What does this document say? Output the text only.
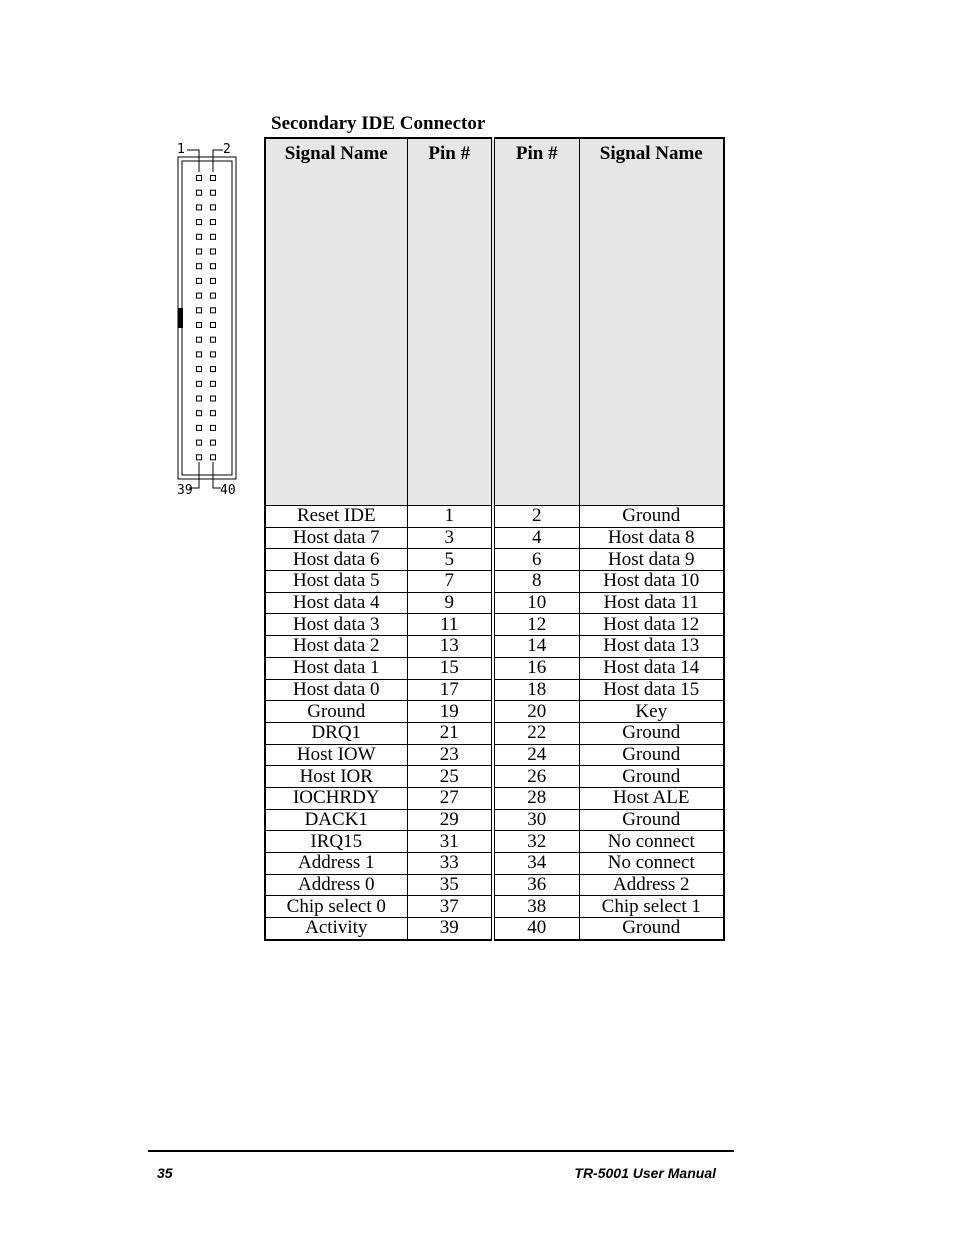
Secondary IDE Connector
1	2
39 40
Signal Name	Pin #	Pin #	Signal Name
Reset IDE	1	2	Ground
Host data 7	3	4	Host data 8
Host data 6	5	6	Host data 9
Host data 5	7	8	Host data 10
Host data 4	9	10	Host data 11
Host data 3	11	12	Host data 12
Host data 2	13	14	Host data 13
Host data 1	15	16	Host data 14
Host data 0	17	18	Host data 15
Ground	19	20	Key
DRQ1	21	22	Ground
Host IOW	23	24	Ground
Host IOR	25	26	Ground
IOCHRDY	27	28	Host ALE
DACK1	29	30	Ground
IRQ15	31	32	No connect
Address 1	33	34	No connect
Address 0	35	36	Address 2
Chip select 0	37	38	Chip select 1
Activity	39	40	Ground
35	TR-5001 User Manual
